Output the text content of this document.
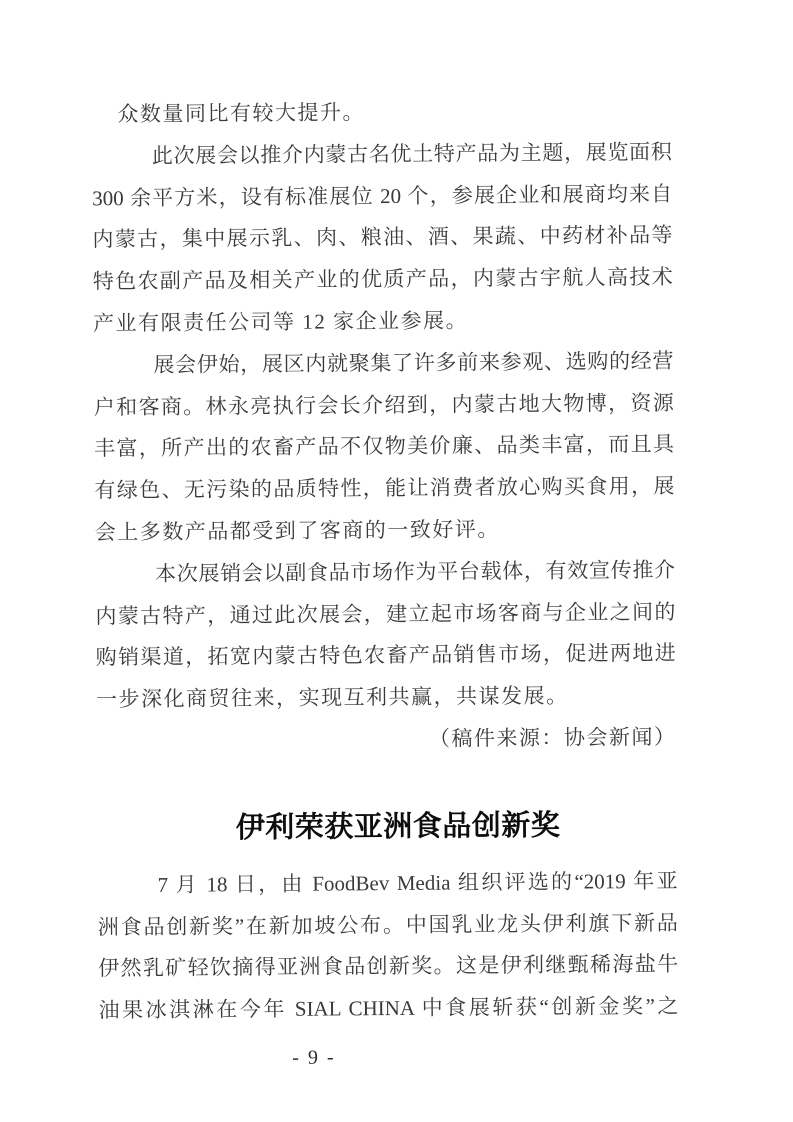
众数量同比有较大提升。
此次展会以推介内蒙古名优土特产品为主题，展览面积
300 余平方米，设有标准展位 20 个，参展企业和展商均来自
内蒙古，集中展示乳、肉、粮油、酒、果蔬、中药材补品等
特色农副产品及相关产业的优质产品，内蒙古宇航人高技术
产业有限责任公司等 12 家企业参展。
展会伊始，展区内就聚集了许多前来参观、选购的经营
户和客商。林永亮执行会长介绍到，内蒙古地大物博，资源
丰富，所产出的农畜产品不仅物美价廉、品类丰富，而且具
有绿色、无污染的品质特性，能让消费者放心购买食用，展
会上多数产品都受到了客商的一致好评。
本次展销会以副食品市场作为平台载体，有效宣传推介
内蒙古特产，通过此次展会，建立起市场客商与企业之间的
购销渠道，拓宽内蒙古特色农畜产品销售市场，促进两地进
一步深化商贸往来，实现互利共赢，共谋发展。
（稿件来源：协会新闻）
伊利荣获亚洲食品创新奖
7 月 18 日，由 FoodBev Media 组织评选的“2019 年亚
洲食品创新奖”在新加坡公布。中国乳业龙头伊利旗下新品
伊然乳矿轻饮摘得亚洲食品创新奖。这是伊利继甄稀海盐牛
油果冰淇淋在今年 SIAL CHINA 中食展斩获“创新金奖”之
- 9 -
